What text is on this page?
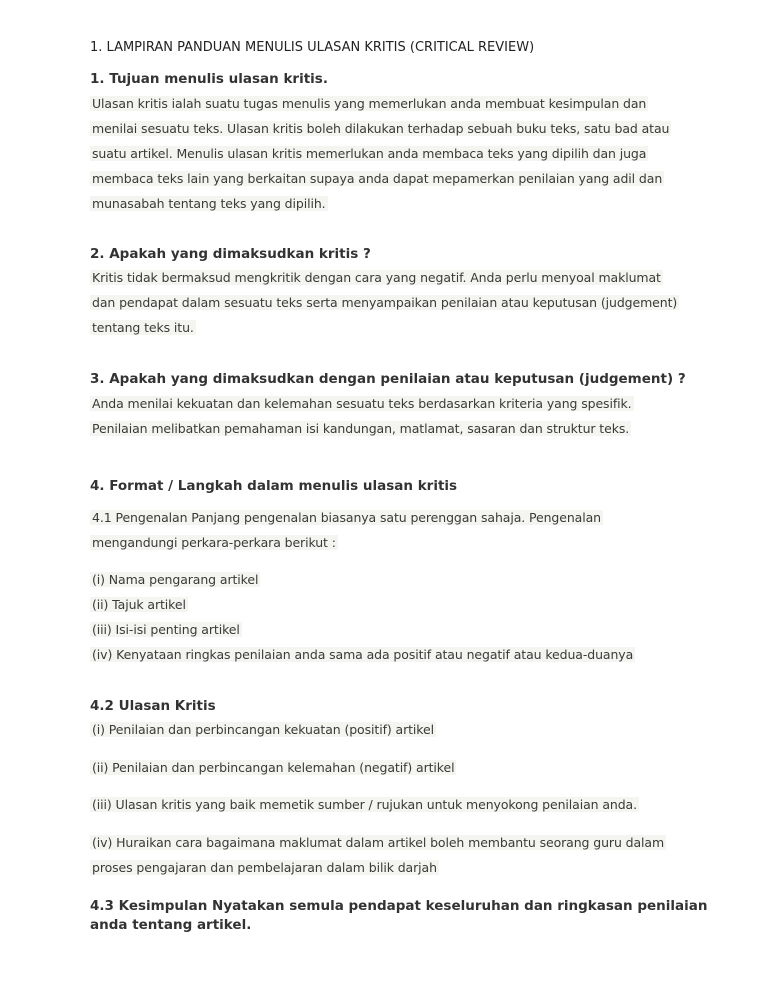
1. LAMPIRAN PANDUAN MENULIS ULASAN KRITIS (CRITICAL REVIEW)
1. Tujuan menulis ulasan kritis.
Ulasan kritis ialah suatu tugas menulis yang memerlukan anda membuat kesimpulan dan
menilai sesuatu teks. Ulasan kritis boleh dilakukan terhadap sebuah buku teks, satu bad atau
suatu artikel. Menulis ulasan kritis memerlukan anda membaca teks yang dipilih dan juga
membaca teks lain yang berkaitan supaya anda dapat mepamerkan penilaian yang adil dan
munasabah tentang teks yang dipilih.
2. Apakah yang dimaksudkan kritis ?
Kritis tidak bermaksud mengkritik dengan cara yang negatif. Anda perlu menyoal maklumat
dan pendapat dalam sesuatu teks serta menyampaikan penilaian atau keputusan (judgement)
tentang teks itu.
3. Apakah yang dimaksudkan dengan penilaian atau keputusan (judgement) ?
Anda menilai kekuatan dan kelemahan sesuatu teks berdasarkan kriteria yang spesifik.
Penilaian melibatkan pemahaman isi kandungan, matlamat, sasaran dan struktur teks.
4. Format / Langkah dalam menulis ulasan kritis
4.1 Pengenalan Panjang pengenalan biasanya satu perenggan sahaja. Pengenalan
mengandungi perkara-perkara berikut :
(i) Nama pengarang artikel
(ii) Tajuk artikel
(iii) Isi-isi penting artikel
(iv) Kenyataan ringkas penilaian anda sama ada positif atau negatif atau kedua-duanya
4.2 Ulasan Kritis
(i) Penilaian dan perbincangan kekuatan (positif) artikel
(ii) Penilaian dan perbincangan kelemahan (negatif) artikel
(iii) Ulasan kritis yang baik memetik sumber / rujukan untuk menyokong penilaian anda.
(iv) Huraikan cara bagaimana maklumat dalam artikel boleh membantu seorang guru dalam
proses pengajaran dan pembelajaran dalam bilik darjah
4.3 Kesimpulan Nyatakan semula pendapat keseluruhan dan ringkasan penilaian
anda tentang artikel.
